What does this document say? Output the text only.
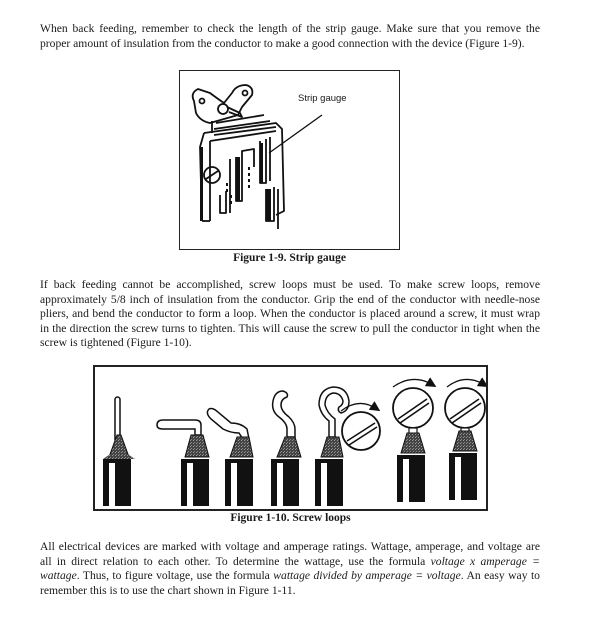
When back feeding, remember to check the length of the strip gauge. Make sure that you remove the proper amount of insulation from the conductor to make a good connection with the device (Figure 1-9).

Strip gauge
Figure 1-9. Strip gauge

If back feeding cannot be accomplished, screw loops must be used. To make screw loops, remove approximately 5/8 inch of insulation from the conductor. Grip the end of the conductor with needle-nose pliers, and bend the conductor to form a loop. When the conductor is placed around a screw, it must wrap in the direction the screw turns to tighten. This will cause the screw to pull the conductor in tight when the screw is tightened (Figure 1-10).

Figure 1-10. Screw loops

All electrical devices are marked with voltage and amperage ratings. Wattage, amperage, and voltage are all in direct relation to each other. To determine the wattage, use the formula voltage x amperage = wattage. Thus, to figure voltage, use the formula wattage divided by amperage = voltage. An easy way to remember this is to use the chart shown in Figure 1-11.
